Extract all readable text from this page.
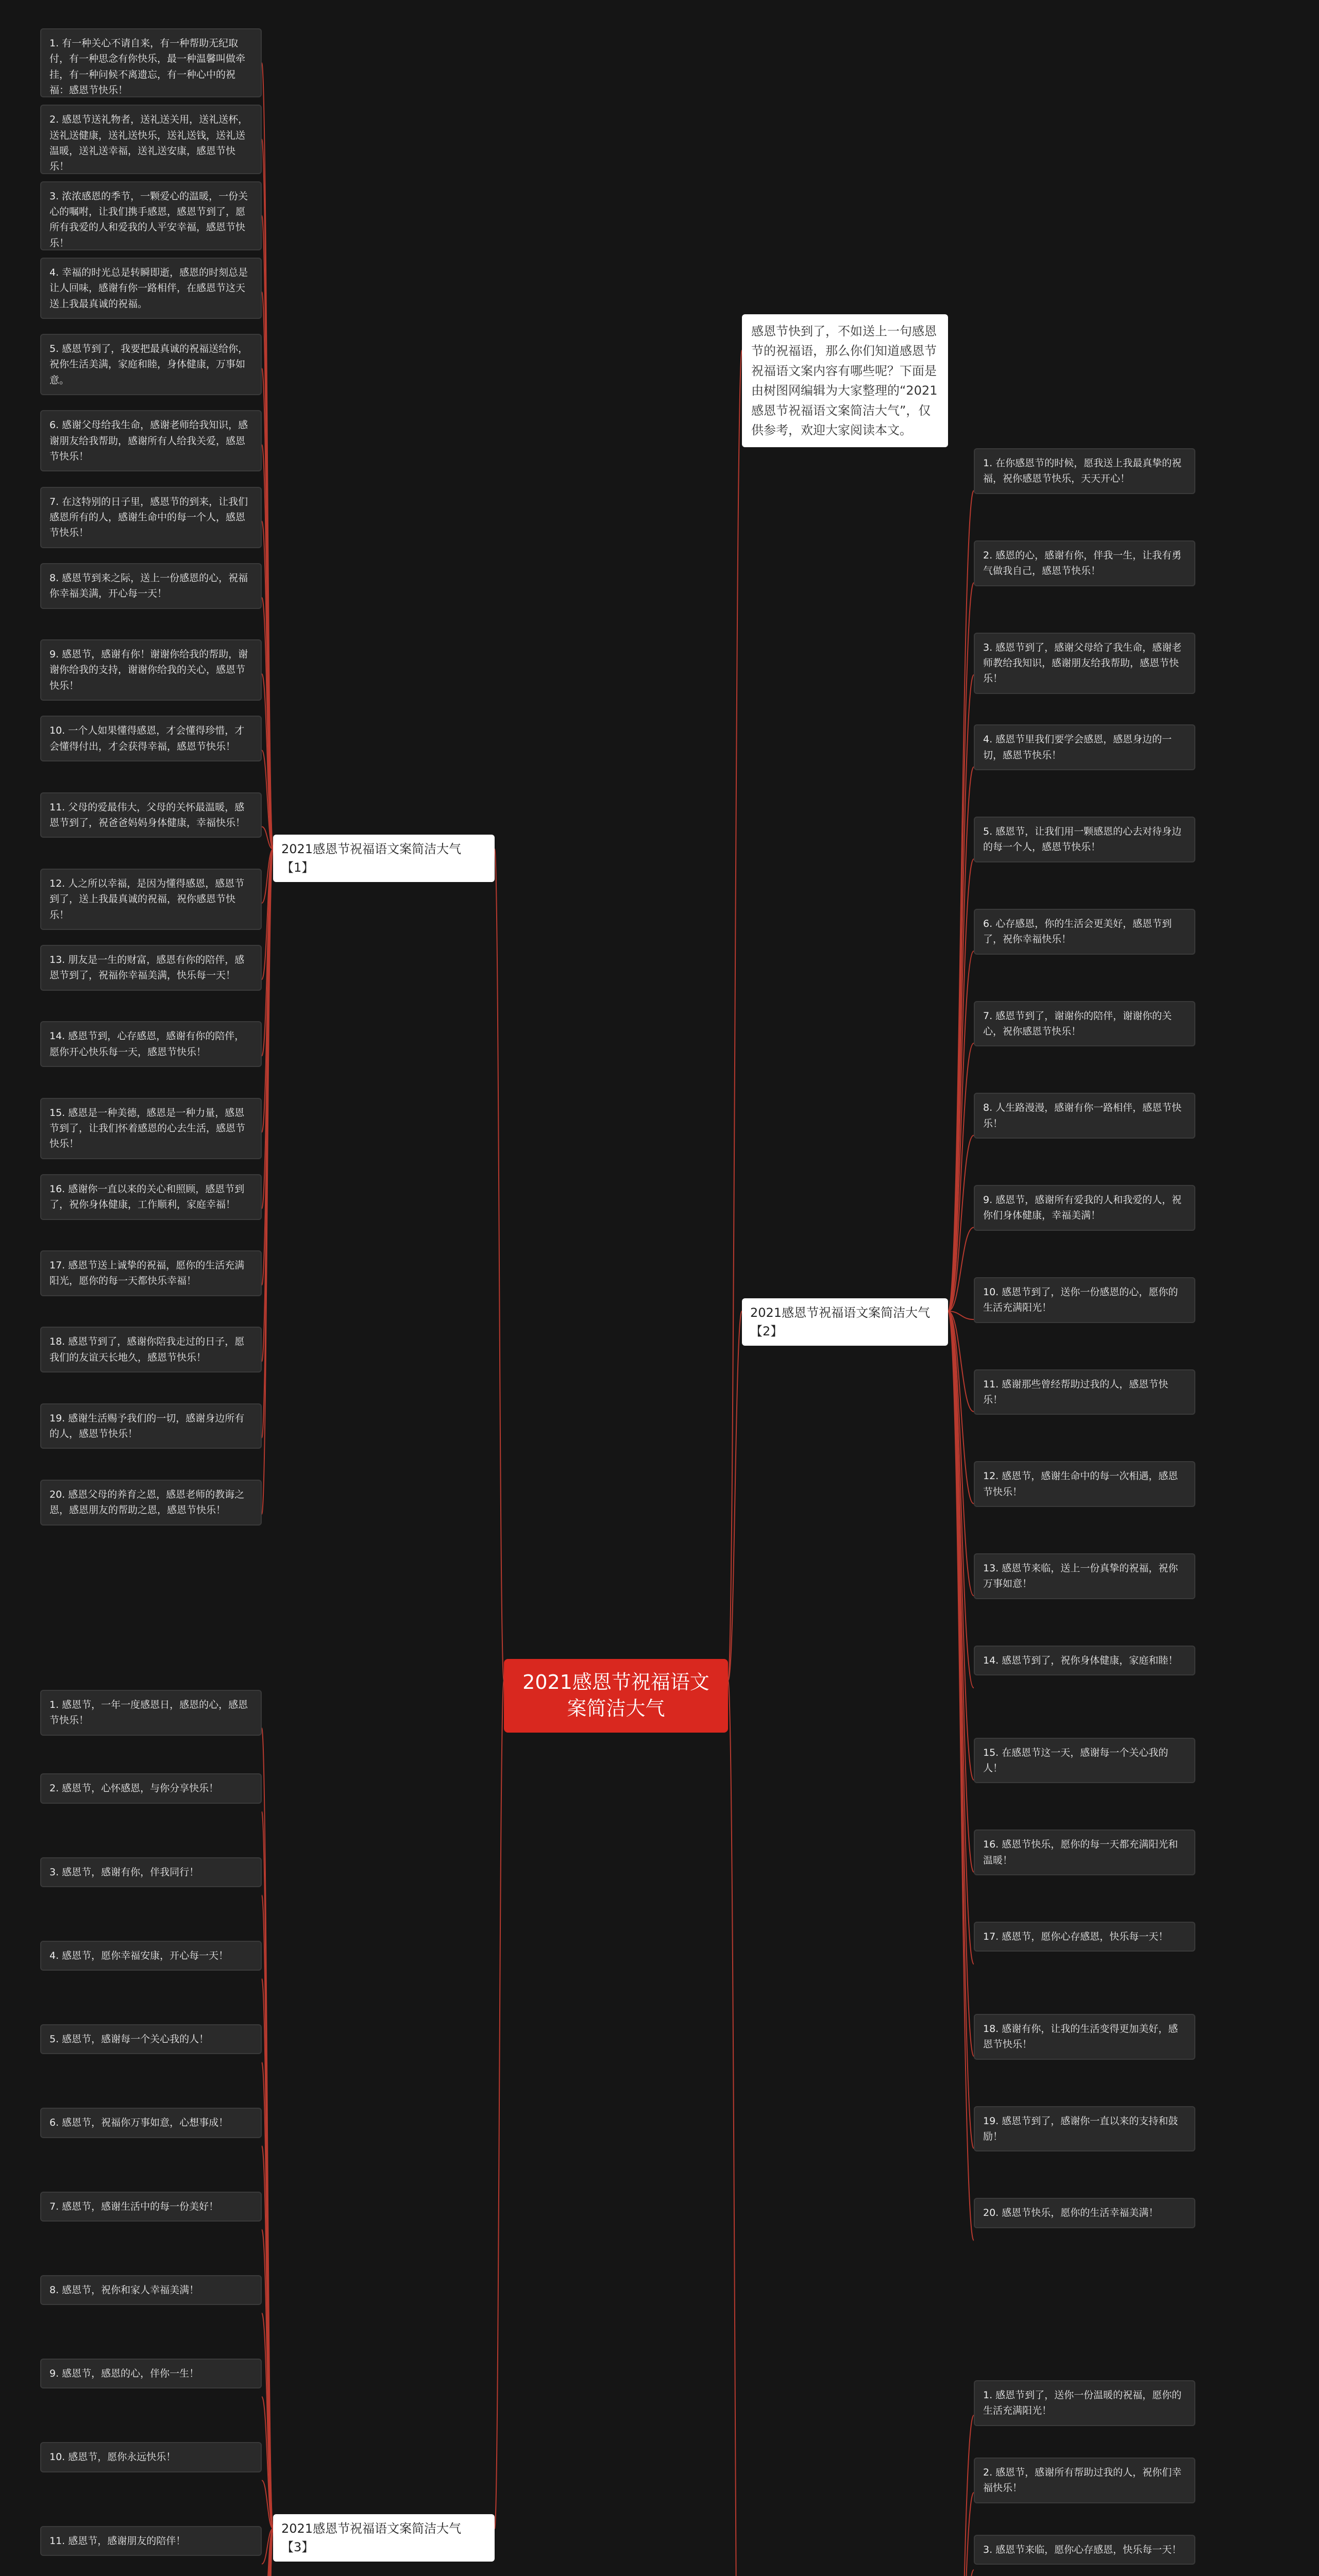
2021感恩节祝福语文案简洁大气
感恩节快到了，不如送上一句感恩节的祝福语，那么你们知道感恩节祝福语文案内容有哪些呢？下面是由树图网编辑为大家整理的“2021感恩节祝福语文案简洁大气”，仅供参考，欢迎大家阅读本文。
2021感恩节祝福语文案简洁大气【1】
2021感恩节祝福语文案简洁大气【2】
2021感恩节祝福语文案简洁大气【3】
1. 有一种关心不请自来，有一种帮助无纪取付，有一种思念有你快乐，最一种温馨叫做牵挂，有一种问候不离遗忘，有一种心中的祝福：感恩节快乐！
2. 感恩节送礼物者，送礼送关用，送礼送杯，送礼送健康，送礼送快乐，送礼送钱，送礼送温暖，送礼送幸福，送礼送安康，感恩节快乐！
3. 浓浓感恩的季节，一颗爱心的温暖，一份关心的嘱咐，让我们携手感恩，感恩节到了，愿所有我爱的人和爱我的人平安幸福，感恩节快乐！
4. 幸福的时光总是转瞬即逝，感恩的时刻总是让人回味，感谢有你一路相伴，在感恩节这天送上我最真诚的祝福。
5. 感恩节到了，我要把最真诚的祝福送给你，祝你生活美满，家庭和睦，身体健康，万事如意。
6. 感谢父母给我生命，感谢老师给我知识，感谢朋友给我帮助，感谢所有人给我关爱，感恩节快乐！
7. 在这特别的日子里，感恩节的到来，让我们感恩所有的人，感谢生命中的每一个人，感恩节快乐！
8. 感恩节到来之际，送上一份感恩的心，祝福你幸福美满，开心每一天！
9. 感恩节，感谢有你！谢谢你给我的帮助，谢谢你给我的支持，谢谢你给我的关心，感恩节快乐！
10. 一个人如果懂得感恩，才会懂得珍惜，才会懂得付出，才会获得幸福，感恩节快乐！
11. 父母的爱最伟大，父母的关怀最温暖，感恩节到了，祝爸爸妈妈身体健康，幸福快乐！
12. 人之所以幸福，是因为懂得感恩，感恩节到了，送上我最真诚的祝福，祝你感恩节快乐！
13. 朋友是一生的财富，感恩有你的陪伴，感恩节到了，祝福你幸福美满，快乐每一天！
14. 感恩节到，心存感恩，感谢有你的陪伴，愿你开心快乐每一天，感恩节快乐！
15. 感恩是一种美德，感恩是一种力量，感恩节到了，让我们怀着感恩的心去生活，感恩节快乐！
16. 感谢你一直以来的关心和照顾，感恩节到了，祝你身体健康，工作顺利，家庭幸福！
17. 感恩节送上诚挚的祝福，愿你的生活充满阳光，愿你的每一天都快乐幸福！
18. 感恩节到了，感谢你陪我走过的日子，愿我们的友谊天长地久，感恩节快乐！
19. 感谢生活赐予我们的一切，感谢身边所有的人，感恩节快乐！
20. 感恩父母的养育之恩，感恩老师的教诲之恩，感恩朋友的帮助之恩，感恩节快乐！
1. 感恩节，一年一度感恩日，感恩的心，感恩节快乐！
2. 感恩节，心怀感恩，与你分享快乐！
3. 感恩节，感谢有你，伴我同行！
4. 感恩节，愿你幸福安康，开心每一天！
5. 感恩节，感谢每一个关心我的人！
6. 感恩节，祝福你万事如意，心想事成！
7. 感恩节，感谢生活中的每一份美好！
8. 感恩节，祝你和家人幸福美满！
9. 感恩节，感恩的心，伴你一生！
10. 感恩节，愿你永远快乐！
11. 感恩节，感谢朋友的陪伴！
1. 在你感恩节的时候，愿我送上我最真挚的祝福，祝你感恩节快乐，天天开心！
2. 感恩的心，感谢有你，伴我一生，让我有勇气做我自己，感恩节快乐！
3. 感恩节到了，感谢父母给了我生命，感谢老师教给我知识，感谢朋友给我帮助，感恩节快乐！
4. 感恩节里我们要学会感恩，感恩身边的一切，感恩节快乐！
5. 感恩节，让我们用一颗感恩的心去对待身边的每一个人，感恩节快乐！
6. 心存感恩，你的生活会更美好，感恩节到了，祝你幸福快乐！
7. 感恩节到了，谢谢你的陪伴，谢谢你的关心，祝你感恩节快乐！
8. 人生路漫漫，感谢有你一路相伴，感恩节快乐！
9. 感恩节，感谢所有爱我的人和我爱的人，祝你们身体健康，幸福美满！
10. 感恩节到了，送你一份感恩的心，愿你的生活充满阳光！
11. 感谢那些曾经帮助过我的人，感恩节快乐！
12. 感恩节，感谢生命中的每一次相遇，感恩节快乐！
13. 感恩节来临，送上一份真挚的祝福，祝你万事如意！
14. 感恩节到了，祝你身体健康，家庭和睦！
15. 在感恩节这一天，感谢每一个关心我的人！
16. 感恩节快乐，愿你的每一天都充满阳光和温暖！
17. 感恩节，愿你心存感恩，快乐每一天！
18. 感谢有你，让我的生活变得更加美好，感恩节快乐！
19. 感恩节到了，感谢你一直以来的支持和鼓励！
20. 感恩节快乐，愿你的生活幸福美满！
1. 感恩节到了，送你一份温暖的祝福，愿你的生活充满阳光！
2. 感恩节，感谢所有帮助过我的人，祝你们幸福快乐！
3. 感恩节来临，愿你心存感恩，快乐每一天！
